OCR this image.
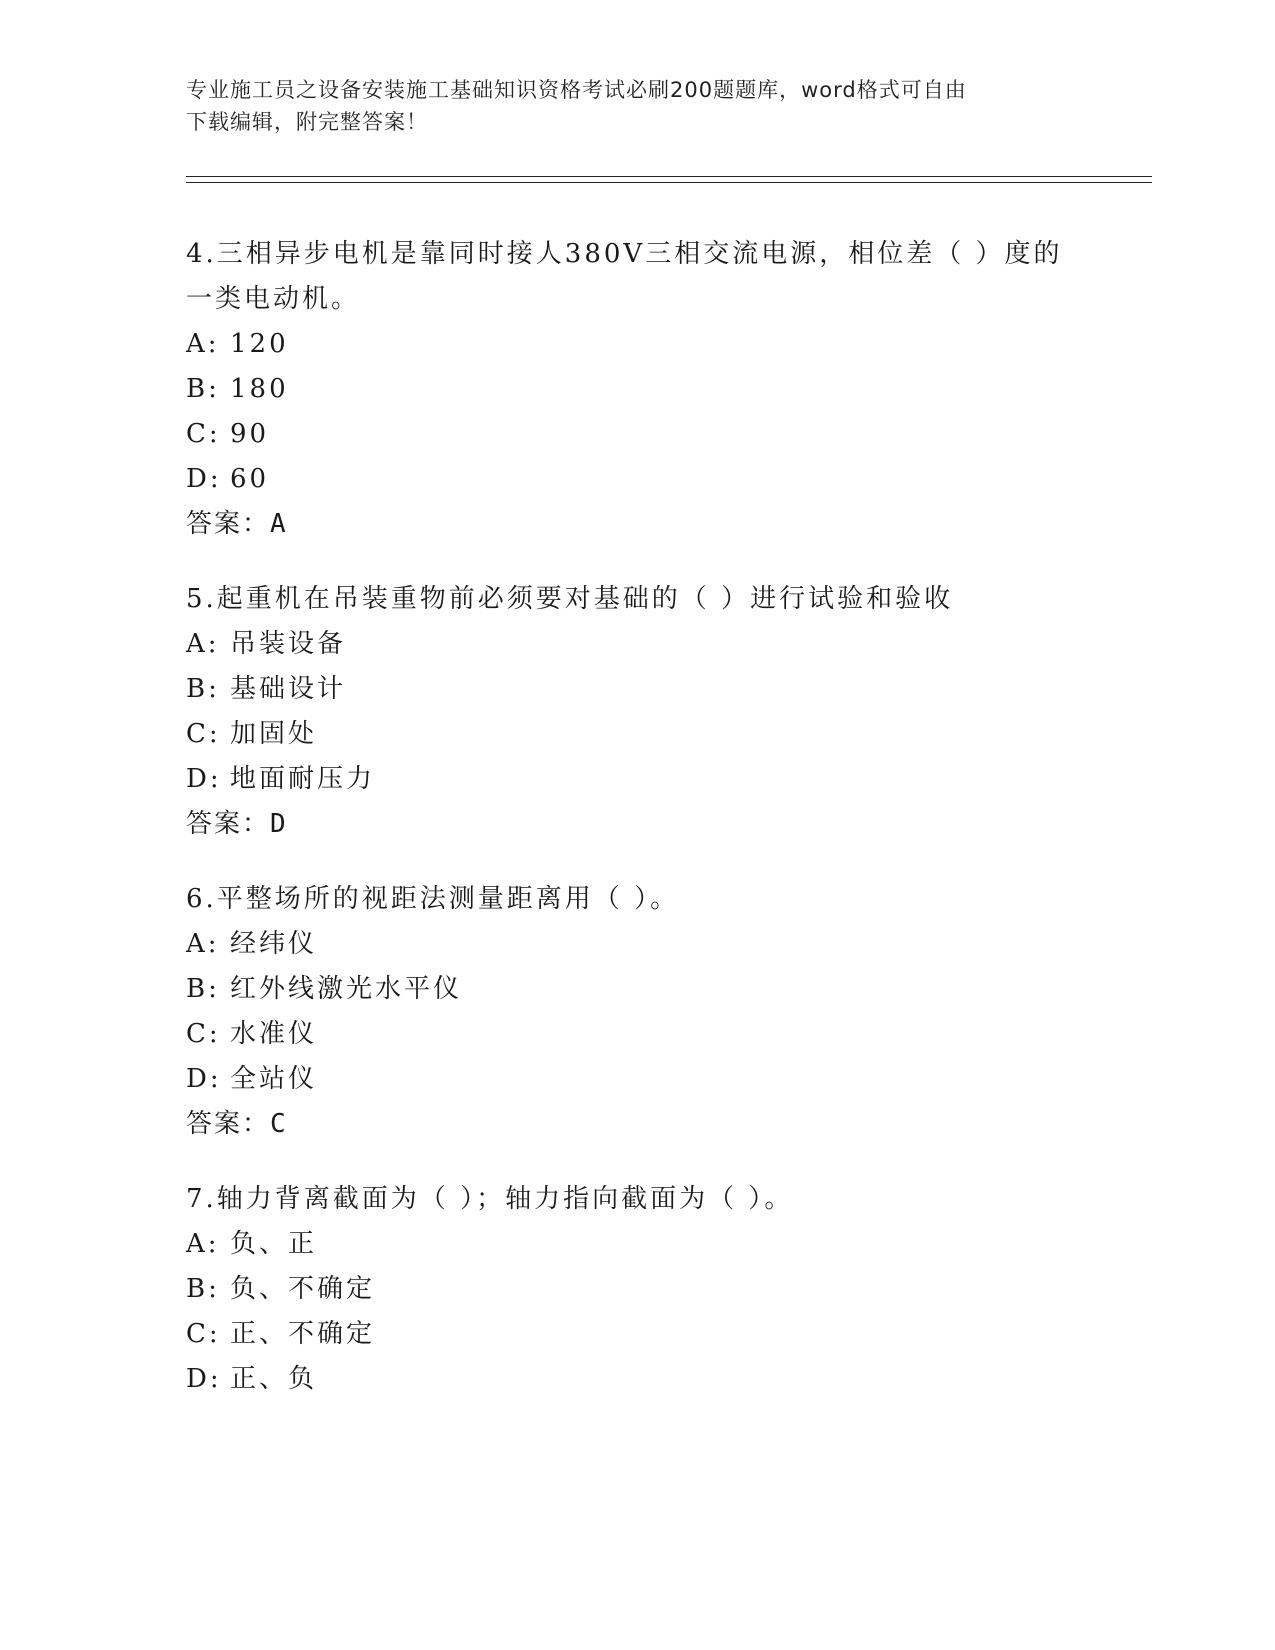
专业施工员之设备安装施工基础知识资格考试必刷200题题库，word格式可自由
下载编辑，附完整答案！
4.三相异步电机是靠同时接人380V三相交流电源，相位差（ ）度的
一类电动机。
A: 120
B: 180
C: 90
D: 60
答案：A
5.起重机在吊装重物前必须要对基础的（ ）进行试验和验收
A: 吊装设备
B: 基础设计
C: 加固处
D: 地面耐压力
答案：D
6.平整场所的视距法测量距离用（ ）。
A: 经纬仪
B: 红外线激光水平仪
C: 水准仪
D: 全站仪
答案：C
7.轴力背离截面为（ ）；轴力指向截面为（ ）。
A: 负、正
B: 负、不确定
C: 正、不确定
D: 正、负
